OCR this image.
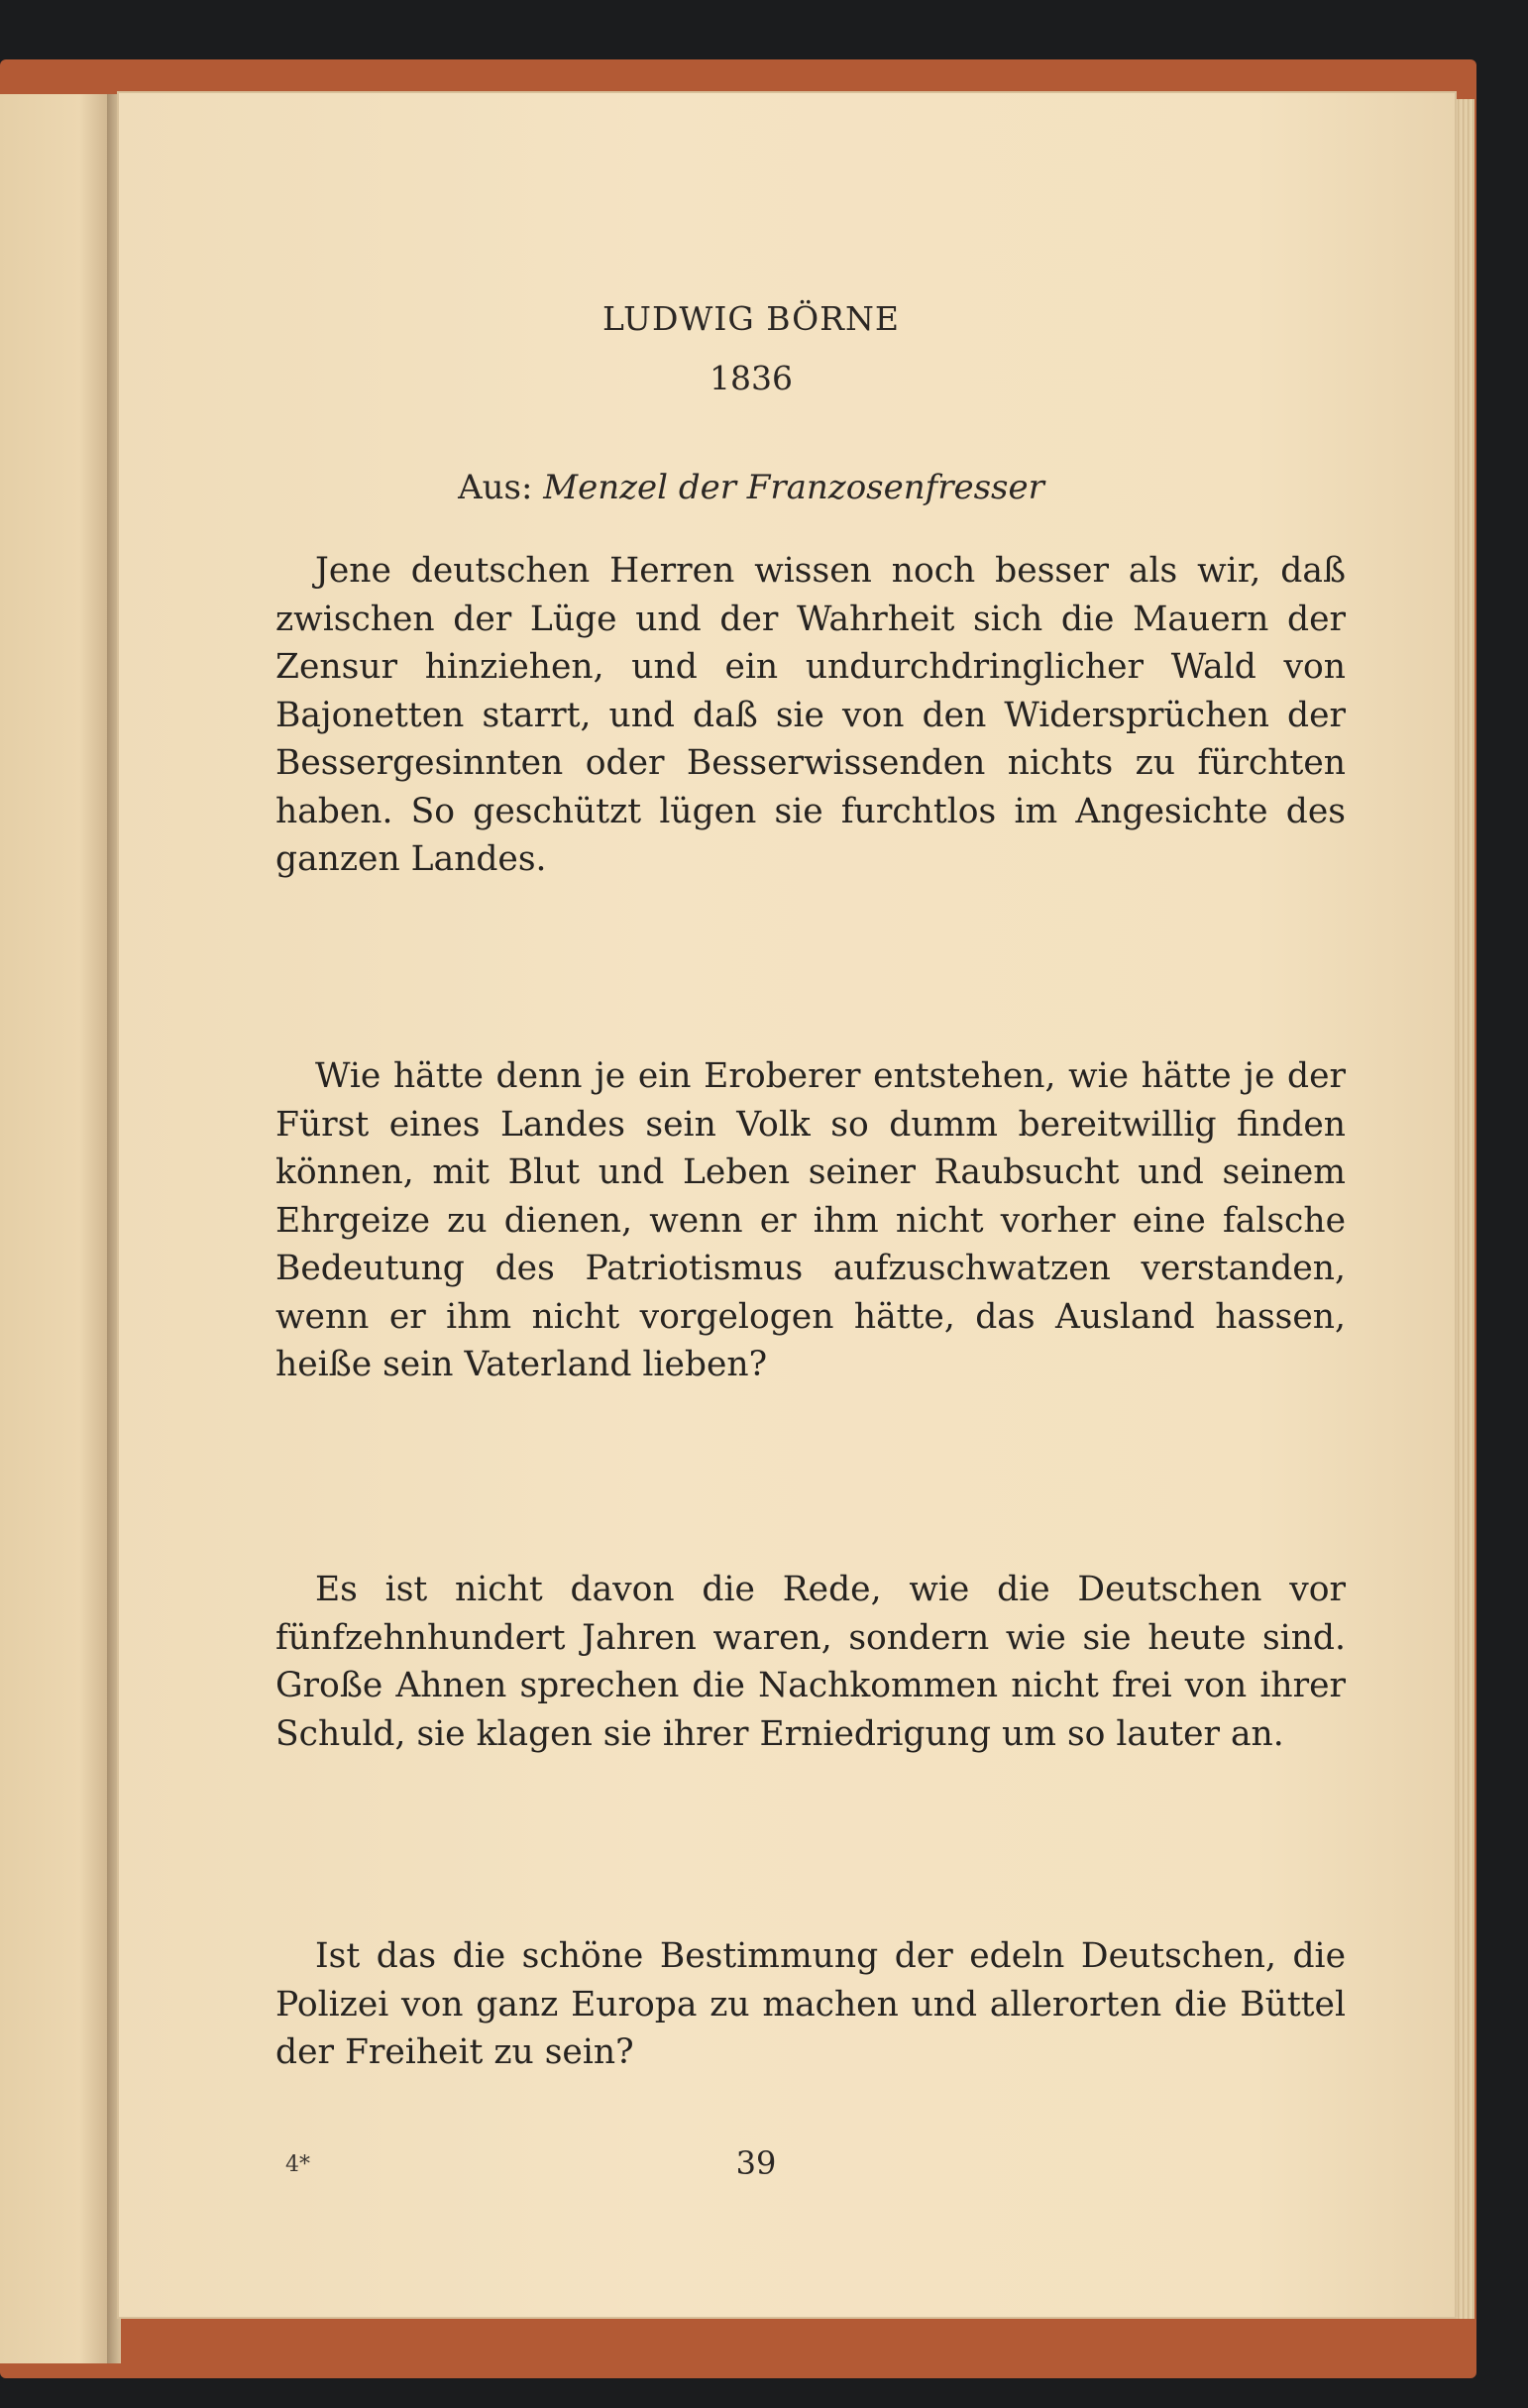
LUDWIG BÖRNE
1836
Aus: Menzel der Franzosenfresser

Jene deutschen Herren wissen noch besser als wir, daß zwischen der Lüge und der Wahrheit sich die Mauern der Zensur hinziehen, und ein undurchdringlicher Wald von Bajonetten starrt, und daß sie von den Widersprüchen der Bessergesinnten oder Besserwissenden nichts zu fürchten haben. So geschützt lügen sie furchtlos im Angesichte des ganzen Landes.

Wie hätte denn je ein Eroberer entstehen, wie hätte je der Fürst eines Landes sein Volk so dumm bereitwillig finden können, mit Blut und Leben seiner Raubsucht und seinem Ehrgeize zu dienen, wenn er ihm nicht vorher eine falsche Bedeutung des Patriotismus aufzuschwatzen verstanden, wenn er ihm nicht vorgelogen hätte, das Ausland hassen, heiße sein Vaterland lieben?

Es ist nicht davon die Rede, wie die Deutschen vor fünfzehnhundert Jahren waren, sondern wie sie heute sind. Große Ahnen sprechen die Nachkommen nicht frei von ihrer Schuld, sie klagen sie ihrer Erniedrigung um so lauter an.

Ist das die schöne Bestimmung der edeln Deutschen, die Polizei von ganz Europa zu machen und allerorten die Büttel der Freiheit zu sein?

4*	39
